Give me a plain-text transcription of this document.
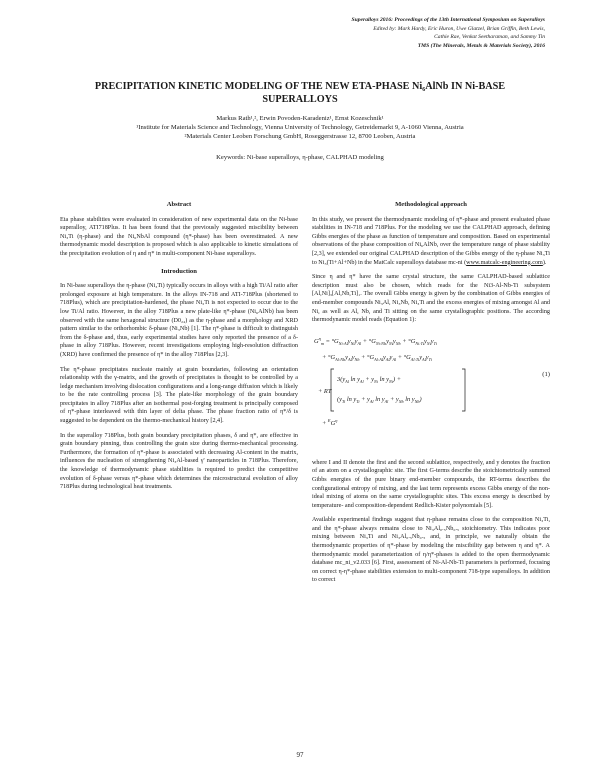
Superalloys 2016: Proceedings of the 13th International Symposium on Superalloys
Edited by: Mark Hardy, Eric Huron, Uwe Glatzel, Brian Griffin, Beth Lewis,
Cathie Rae, Venkat Seetharaman, and Sammy Tin
TMS (The Minerals, Metals & Materials Society), 2016
PRECIPITATION KINETIC MODELING OF THE NEW ETA-PHASE Ni₆AlNb IN Ni-BASE
SUPERALLOYS
Markus Rath¹,², Erwin Povoden-Karadeniz¹, Ernst Kozeschnik¹
¹Institute for Materials Science and Technology, Vienna University of Technology, Getreidemarkt 9, A-1060 Vienna, Austria
²Materials Center Leoben Forschung GmbH, Roseggerstrasse 12, 8700 Leoben, Austria
Keywords: Ni-base superalloys, η-phase, CALPHAD modeling
Abstract

Eta phase stabilities were evaluated in consideration of new experimental data on the Ni-base superalloy, ATI718Plus. It has been found that the previously suggested miscibility between Ni₃Ti (η-phase) and the Ni₆NbAl compound (η*-phase) has been overestimated. A new thermodynamic model description is proposed which is also applicable to kinetic simulations of the precipitation evolution of η and η* in multi-component Ni-base superalloys.

Introduction

In Ni-base superalloys the η-phase (Ni₃Ti) typically occurs in alloys with a high Ti/Al ratio after prolonged exposure at high temperature. In the alloys IN-718 and ATI-718Plus (shortened to 718Plus), which are precipitation-hardened, the phase Ni₃Ti is not expected to occur due to the low Ti/Al ratio. However, in the alloy 718Plus a new plate-like η*-phase (Ni₆AlNb) has been observed with the same hexagonal structure (D0₂₄) as the η-phase and a morphology and XRD pattern similar to the orthorhombic δ-phase (Ni₃Nb) [1]. The η*-phase is difficult to distinguish from the δ-phase and, thus, early experimental studies have only reported the presence of a δ-phase in alloy 718Plus. However, recent investigations employing high-resolution diffraction (XRD) have confirmed the presence of η* in the alloy 718Plus [2,3].

The η*-phase precipitates nucleate mainly at grain boundaries, following an orientation relationship with the γ-matrix, and the growth of precipitates is thought to be controlled by a ledge mechanism involving dislocation configurations and a long-range diffusion which is likely to be the rate controlling process [3]. The plate-like morphology of the grain boundary precipitates in alloy 718Plus after an isothermal post-forging treatment is principally composed of η*-phase interleaved with thin layer of delta phase. The phase fraction ratio of η*/δ is suggested to be dependent on the thermo-mechanical history [2,4].

In the superalloy 718Plus, both grain boundary precipitation phases, δ and η*, are effective in grain boundary pinning, thus controlling the grain size during thermo-mechanical processing. Furthermore, the formation of η*-phase is associated with decreasing Al-content in the matrix, influences the nucleation of strengthening Ni₃Al-based γ' nanoparticles in 718Plus. Therefore, the knowledge of thermodynamic phase stabilities is required to predict the competitive evolution of δ-phase versus η*-phase which determines the microstructural evolution of alloy 718Plus during technological heat treatments.

Methodological approach

In this study, we present the thermodynamic modeling of η*-phase and present evaluated phase stabilities in IN-718 and 718Plus. For the modeling we use the CALPHAD approach, defining Gibbs energies of the phase as function of temperature and composition. Based on experimental observations of the phase composition of Ni₆AlNb, over the temperature range of phase stability [2,3], we extended our original CALPHAD description of the Gibbs energy of the η-phase Ni₃Ti to Ni₃(Ti+Al+Nb) in the MatCalc superalloys database mc-ni (www.matcalc-engineering.com).

Since η and η* have the same crystal structure, the same CALPHAD-based sublattice description must also be chosen, which reads for the Ni3-Al-Nb-Ti subsystem [Al,Ni]₃[Al,Nb,Ti]₁. The overall Gibbs energy is given by the combination of Gibbs energies of end-member compounds Ni₃Al, Ni₃Nb, Ni₃Ti and the excess energies of mixing amongst Al and Ni, as well as Al, Nb, and Ti sitting on the same crystallographic positions. The according thermodynamic model reads (Equation 1):

$G^\eta_m = ^\circ G_{Ni:Al}y_{Ni}y_{Al} + ^\circ G_{Ni:Nb}y_{Ni}y_{Nb} + ^\circ G_{Ni:Ti}y_{Ni}y_{Ti}$
+ $^\circ G_{Al:Nb}y_{Al}y_{Nb} + ^\circ G_{Al:Al}y_{Al}y_{Al} + ^\circ G_{Al:Ti}y_{Al}y_{Ti}$
+ RT
$3(y_{Al}$ $\ln y_{Al} + y_{Ni}$ $\ln y_{Ni}$) +
($y_{Ti}$ $\ln y_{Ti} + y_{Al}$ $\ln y_{Al} + y_{Nb}$ $\ln y_{Nb}$)
+ $^EG^\eta$
(1)

where I and II denote the first and the second sublattice, respectively, and y denotes the fraction of an atom on a crystallographic site. The first G-terms describe the stoichiometrically summed Gibbs energies of the pure binary end-member compounds, the RT-terms describes the configurational entropy of mixing, and the last term represents excess Gibbs energy of the non-ideal mixing of atoms on the same crystallographic sites. This excess energy is described by temperature- and composition-dependent Redlich-Kister polynomials [5].

Available experimental findings suggest that η-phase remains close to the composition Ni₃Ti, and the η*-phase always remains close to Ni₃Al₀.₅Nb₀.₅ stoichiometry. This indicates poor mixing between Ni₃Ti and Ni₃Al₀.₅Nb₀.₅ and, in principle, we naturally obtain the thermodynamic properties of η*-phase by modeling the miscibility gap between η and η*. A thermodynamic model parameterization of η/η*-phases is added to the open thermodynamic database mc_ni_v2.033 [6]. First, assessment of Ni-Al-Nb-Ti parameters is performed, focusing on correct η-η*-phase stabilities extension to multi-component 718-type superalloys. In addition to correct

97
